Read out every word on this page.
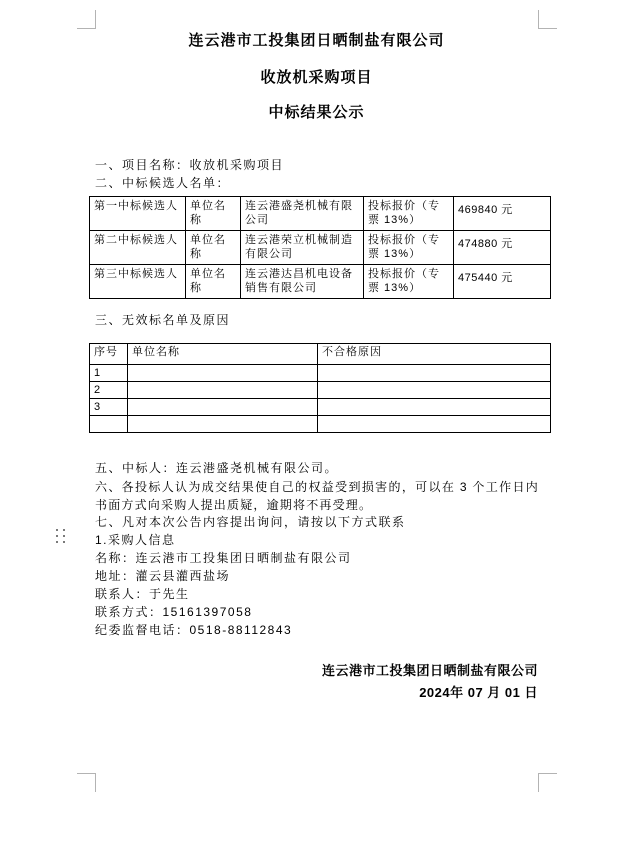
连云港市工投集团日晒制盐有限公司
收放机采购项目
中标结果公示
一、项目名称：收放机采购项目
二、中标候选人名单：
第一中标候选人	单位名称	连云港盛尧机械有限公司	投标报价（专票 13%）	469840 元
第二中标候选人	单位名称	连云港荣立机械制造有限公司	投标报价（专票 13%）	474880 元
第三中标候选人	单位名称	连云港达昌机电设备销售有限公司	投标报价（专票 13%）	475440 元
三、无效标名单及原因
序号	单位名称	不合格原因
1		
2		
3		

五、中标人：连云港盛尧机械有限公司。
六、各投标人认为成交结果使自己的权益受到损害的，可以在 3 个工作日内书面方式向采购人提出质疑，逾期将不再受理。
七、凡对本次公告内容提出询问，请按以下方式联系
1.采购人信息
名称：连云港市工投集团日晒制盐有限公司
地址：灌云县灌西盐场
联系人：于先生
联系方式：15161397058
纪委监督电话：0518-88112843
连云港市工投集团日晒制盐有限公司
2024年 07 月 01 日
